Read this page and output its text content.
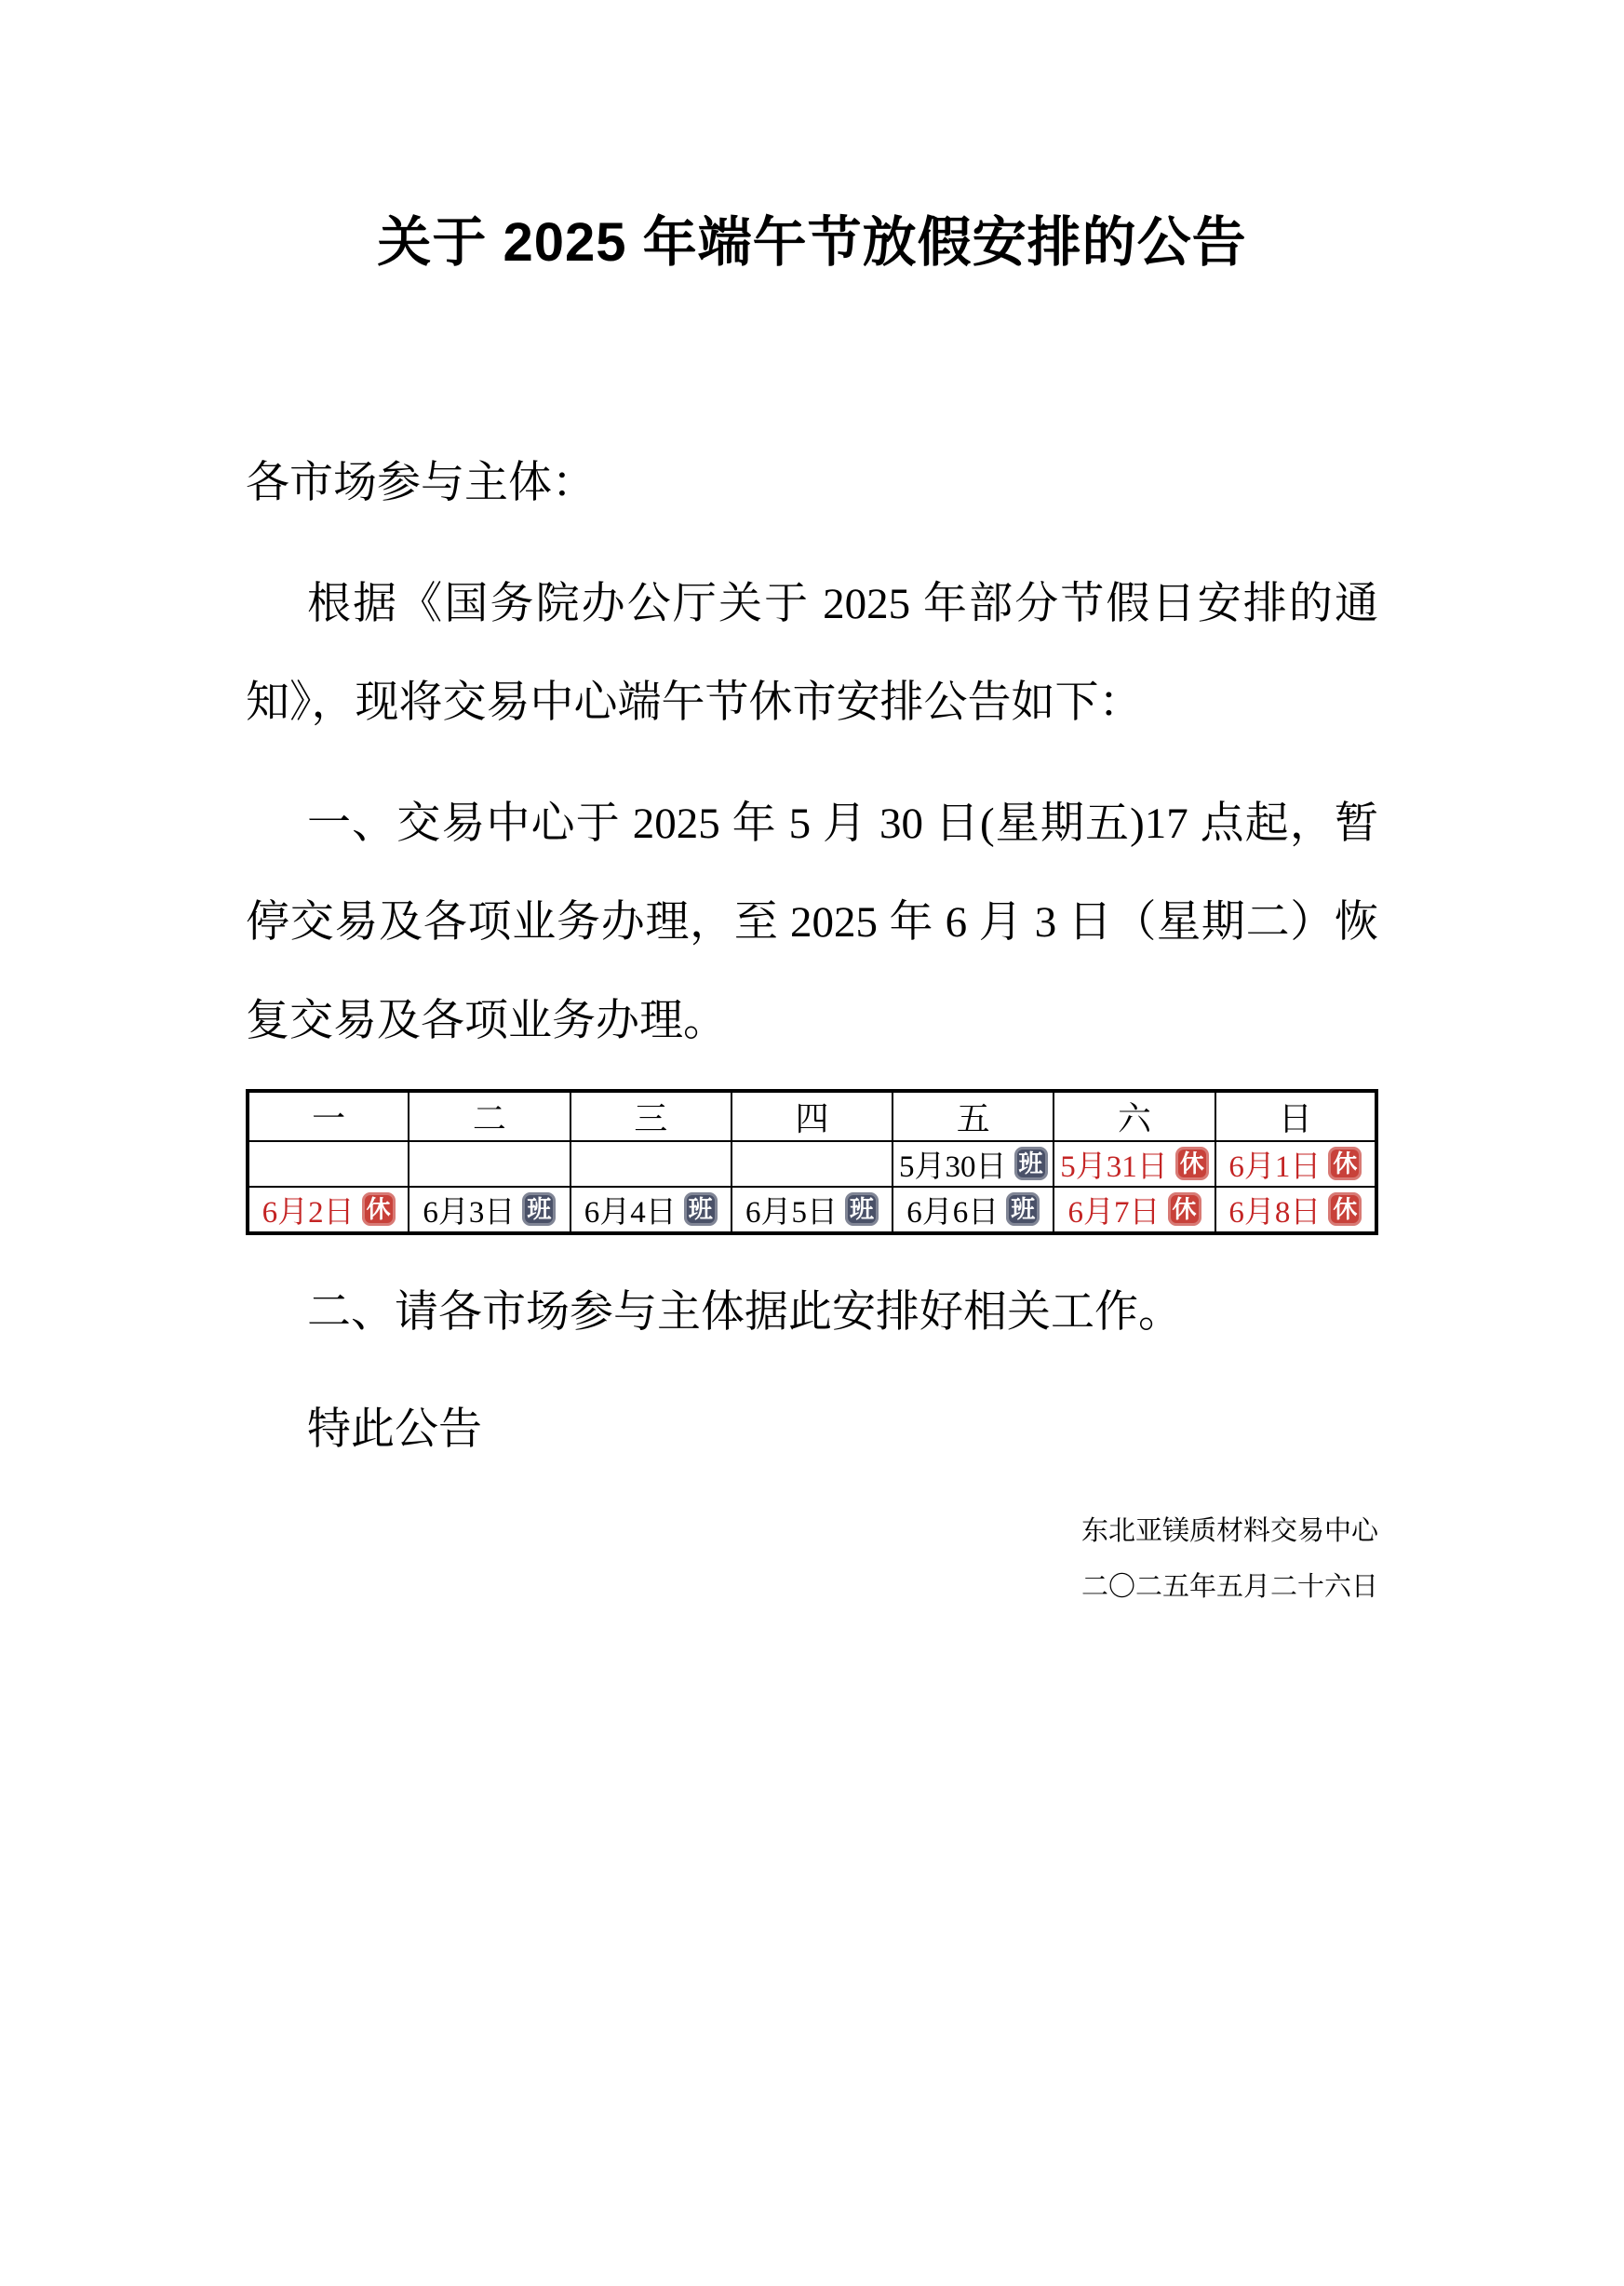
关于 2025 年端午节放假安排的公告
各市场参与主体：

根据《国务院办公厅关于 2025 年部分节假日安排的通知》，现将交易中心端午节休市安排公告如下：

一、交易中心于 2025 年 5 月 30 日(星期五)17 点起，暂停交易及各项业务办理，至 2025 年 6 月 3 日（星期二）恢复交易及各项业务办理。

一	二	三	四	五	六	日
				5月30日 班	5月31日 休	6月1日 休
6月2日 休	6月3日 班	6月4日 班	6月5日 班	6月6日 班	6月7日 休	6月8日 休

二、请各市场参与主体据此安排好相关工作。

特此公告

东北亚镁质材料交易中心
二〇二五年五月二十六日
